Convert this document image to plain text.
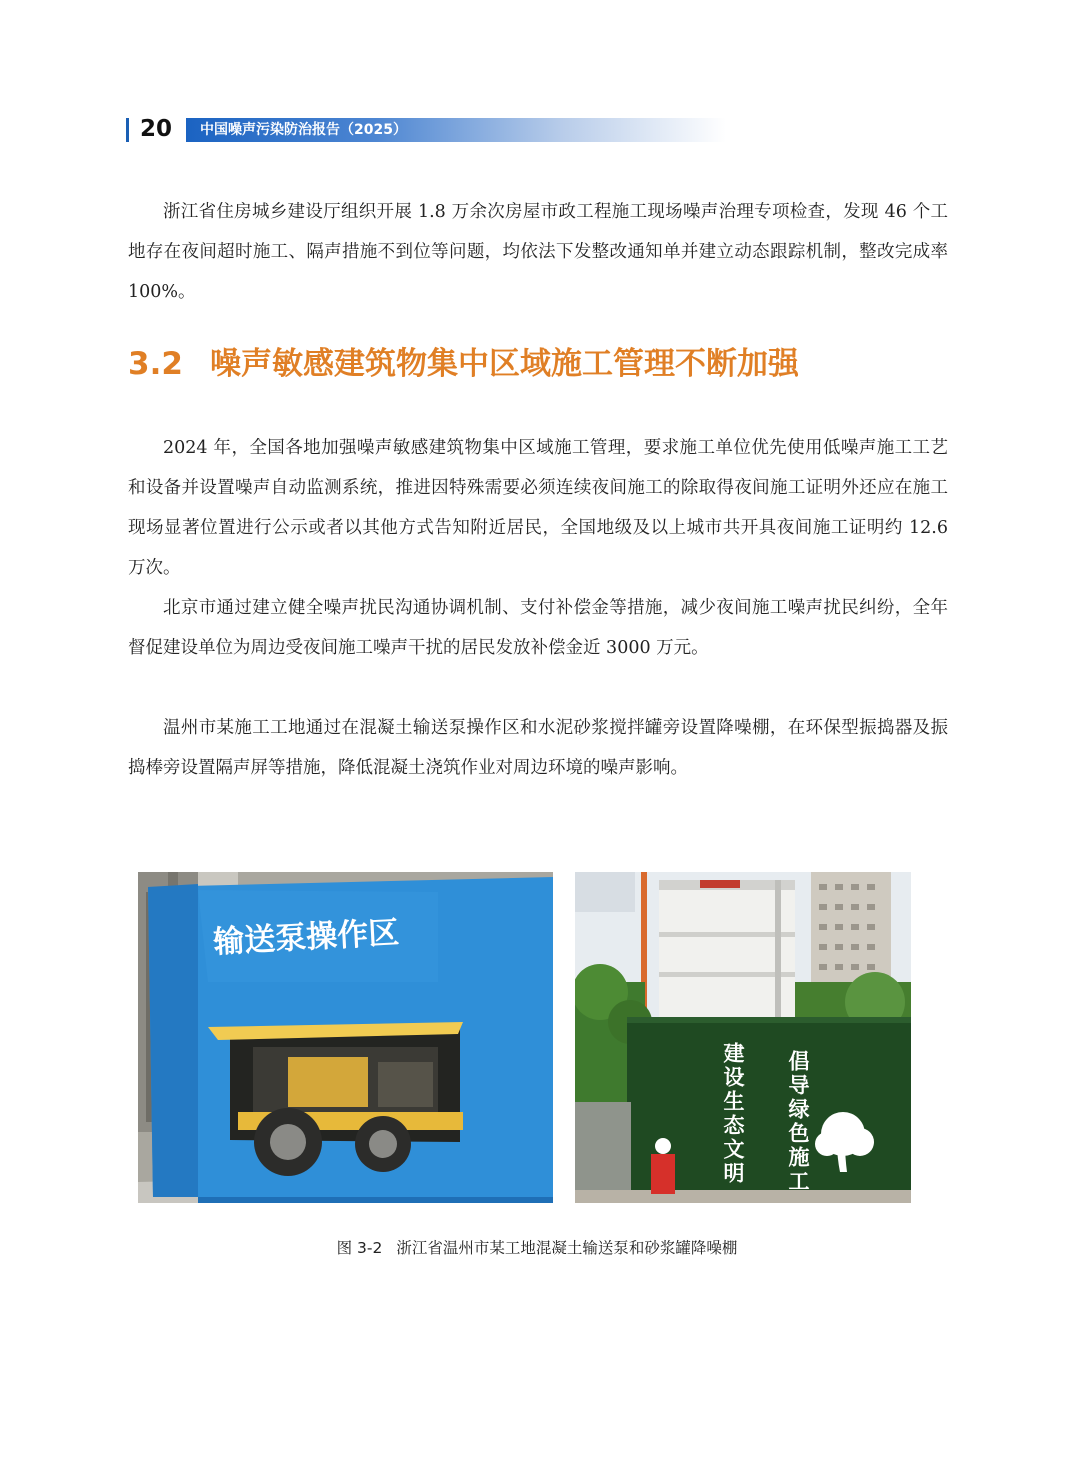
20 中国噪声污染防治报告（2025）

浙江省住房城乡建设厅组织开展 1.8 万余次房屋市政工程施工现场噪声治理专项检查，发现 46 个工地存在夜间超时施工、隔声措施不到位等问题，均依法下发整改通知单并建立动态跟踪机制，整改完成率 100%。

3.2 噪声敏感建筑物集中区域施工管理不断加强

2024 年，全国各地加强噪声敏感建筑物集中区域施工管理，要求施工单位优先使用低噪声施工工艺和设备并设置噪声自动监测系统，推进因特殊需要必须连续夜间施工的除取得夜间施工证明外还应在施工现场显著位置进行公示或者以其他方式告知附近居民，全国地级及以上城市共开具夜间施工证明约 12.6 万次。

北京市通过建立健全噪声扰民沟通协调机制、支付补偿金等措施，减少夜间施工噪声扰民纠纷，全年督促建设单位为周边受夜间施工噪声干扰的居民发放补偿金近 3000 万元。

温州市某施工工地通过在混凝土输送泵操作区和水泥砂浆搅拌罐旁设置降噪棚，在环保型振捣器及振捣棒旁设置隔声屏等措施，降低混凝土浇筑作业对周边环境的噪声影响。

输送泵操作区
建设生态文明 倡导绿色施工
图 3-2 浙江省温州市某工地混凝土输送泵和砂浆罐降噪棚
